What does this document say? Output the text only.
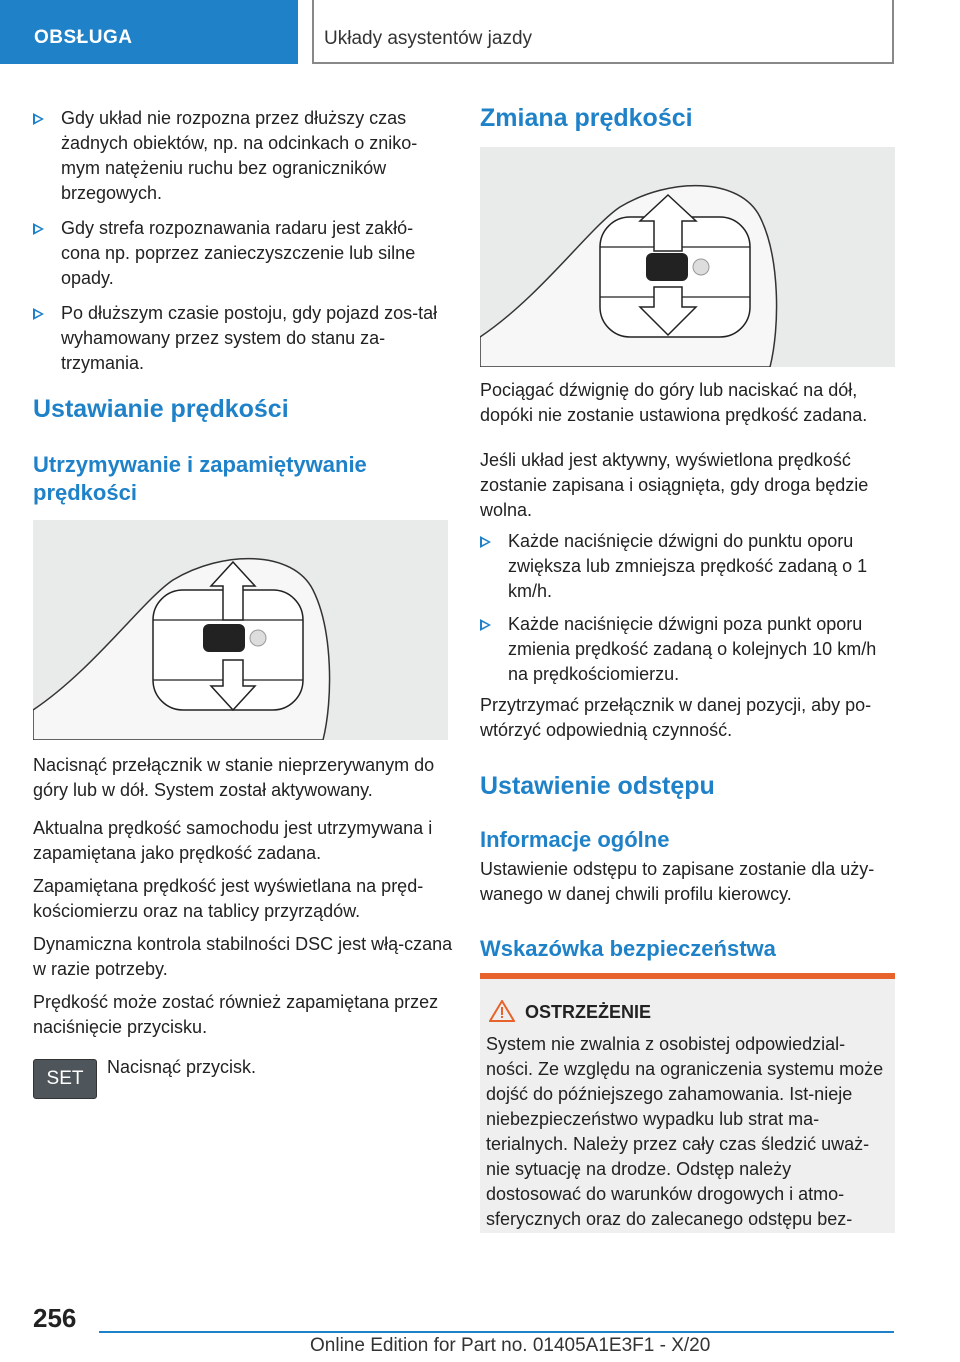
OBSŁUGA	Układy asystentów jazdy
Gdy układ nie rozpozna przez dłuższy czas żadnych obiektów, np. na odcinkach o zniko-mym natężeniu ruchu bez ograniczników brzegowych.
Gdy strefa rozpoznawania radaru jest zakłó-cona np. poprzez zanieczyszczenie lub silne opady.
Po dłuższym czasie postoju, gdy pojazd zos-tał wyhamowany przez system do stanu za-trzymania.
Ustawianie prędkości
Utrzymywanie i zapamiętywanie prędkości

Nacisnąć przełącznik w stanie nieprzerywanym do góry lub w dół. System został aktywowany.

Aktualna prędkość samochodu jest utrzymywana i zapamiętana jako prędkość zadana.

Zapamiętana prędkość jest wyświetlana na pręd-kościomierzu oraz na tablicy przyrządów.

Dynamiczna kontrola stabilności DSC jest włą-czana w razie potrzeby.

Prędkość może zostać również zapamiętana przez naciśnięcie przycisku.

SET

Nacisnąć przycisk.

Zmiana prędkości

Pociągać dźwignię do góry lub naciskać na dół, dopóki nie zostanie ustawiona prędkość zadana.

Jeśli układ jest aktywny, wyświetlona prędkość zostanie zapisana i osiągnięta, gdy droga będzie wolna.

Każde naciśnięcie dźwigni do punktu oporu zwiększa lub zmniejsza prędkość zadaną o 1 km/h.
Każde naciśnięcie dźwigni poza punkt oporu zmienia prędkość zadaną o kolejnych 10 km/h na prędkościomierzu.

Przytrzymać przełącznik w danej pozycji, aby po-wtórzyć odpowiednią czynność.

Ustawienie odstępu
Informacje ogólne

Ustawienie odstępu to zapisane zostanie dla uży-wanego w danej chwili profilu kierowcy.

Wskazówka bezpieczeństwa
OSTRZEŻENIE

System nie zwalnia z osobistej odpowiedzial-ności. Ze względu na ograniczenia systemu może dojść do późniejszego zahamowania. Ist-nieje niebezpieczeństwo wypadku lub strat ma-terialnych. Należy przez cały czas śledzić uważ-nie sytuację na drodze. Odstęp należy dostosować do warunków drogowych i atmo-sferycznych oraz do zalecanego odstępu bez-

256
Online Edition for Part no. 01405A1E3F1 - X/20
